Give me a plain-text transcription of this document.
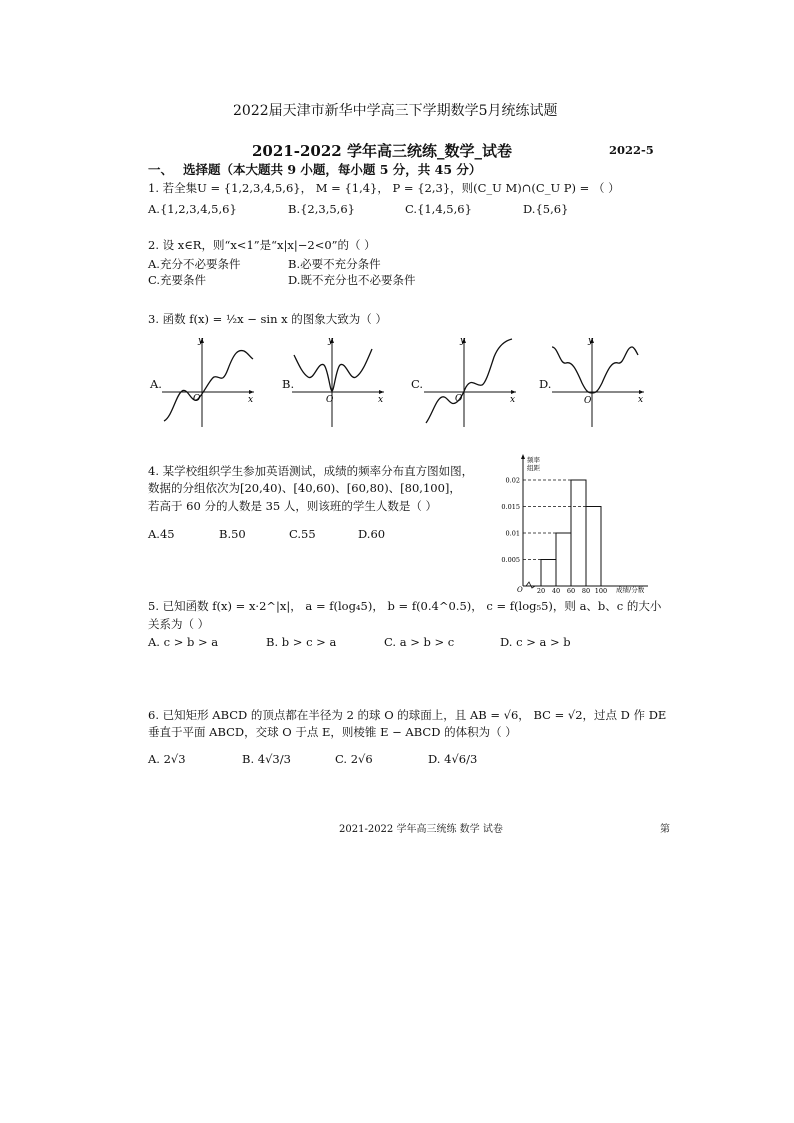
2022届天津市新华中学高三下学期数学5月统练试题
2021-2022 学年高三统练_数学_试卷	2022-5
一、 选择题（本大题共 9 小题，每小题 5 分，共 45 分）
1. 若全集U = {1,2,3,4,5,6}， M = {1,4}， P = {2,3}，则(C_U M)∩(C_U P) = （ ）
A.{1,2,3,4,5,6}	B.{2,3,5,6}	C.{1,4,5,6}	D.{5,6}
2. 设 x∈R，则“x<1”是“x|x|−2<0”的（ ）
A.充分不必要条件	B.必要不充分条件
C.充要条件	D.既不充分也不必要条件
3. 函数 f(x) = ½x − sin x 的图象大致为（ ）
A.
y
x
O
B.
y
x
O
C.
y
x
O
D.
y
x
O
4. 某学校组织学生参加英语测试，成绩的频率分布直方图如图，
数据的分组依次为[20,40)、[40,60)、[60,80)、[80,100]，
若高于 60 分的人数是 35 人，则该班的学生人数是（ ）
A.45	B.50	C.55	D.60
频率
组距
O	成绩/分数
0.005
0.01
0.015
0.02
20 40 60 80 100
5. 已知函数 f(x) = x·2^|x|， a = f(log₄5)， b = f(0.4^0.5)， c = f(log₅5)，则 a、b、c 的大小
关系为（ ）
A. c > b > a	B. b > c > a	C. a > b > c	D. c > a > b
6. 已知矩形 ABCD 的顶点都在半径为 2 的球 O 的球面上，且 AB = √6， BC = √2，过点 D 作 DE
垂直于平面 ABCD，交球 O 于点 E，则棱锥 E − ABCD 的体积为（ ）
A. 2√3	B. 4√3/3	C. 2√6	D. 4√6/3
2021-2022 学年高三统练 数学 试卷	第
